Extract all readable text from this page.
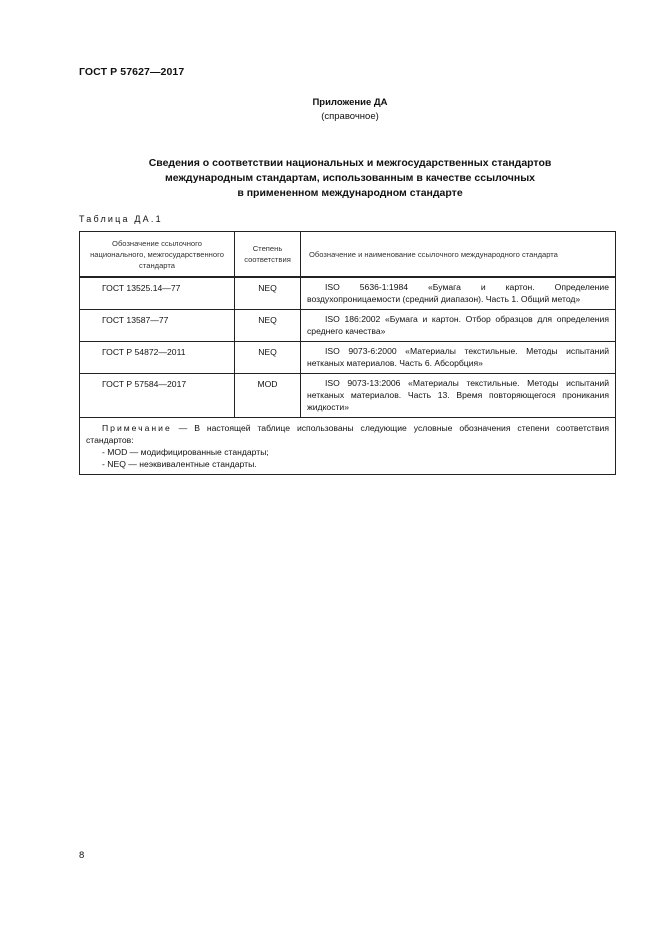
ГОСТ Р 57627—2017
Приложение ДА
(справочное)
Сведения о соответствии национальных и межгосударственных стандартов
международным стандартам, использованным в качестве ссылочных
в примененном международном стандарте
Таблица ДА.1
Обозначение ссылочного национального, межгосударственного стандарта	Степень соответствия	Обозначение и наименование ссылочного международного стандарта
ГОСТ 13525.14—77	NEQ	ISO 5636-1:1984 «Бумага и картон. Определение воздухопроницаемости (средний диапазон). Часть 1. Общий метод»
ГОСТ 13587—77	NEQ	ISO 186:2002 «Бумага и картон. Отбор образцов для определения среднего качества»
ГОСТ Р 54872—2011	NEQ	ISO 9073-6:2000 «Материалы текстильные. Методы испытаний нетканых материалов. Часть 6. Абсорбция»
ГОСТ Р 57584—2017	MOD	ISO 9073-13:2006 «Материалы текстильные. Методы испытаний нетканых материалов. Часть 13. Время повторяющегося проникания жидкости»

Примечание — В настоящей таблице использованы следующие условные обозначения степени соответствия стандартов:
- MOD — модифицированные стандарты;
- NEQ — неэквивалентные стандарты.		
8
